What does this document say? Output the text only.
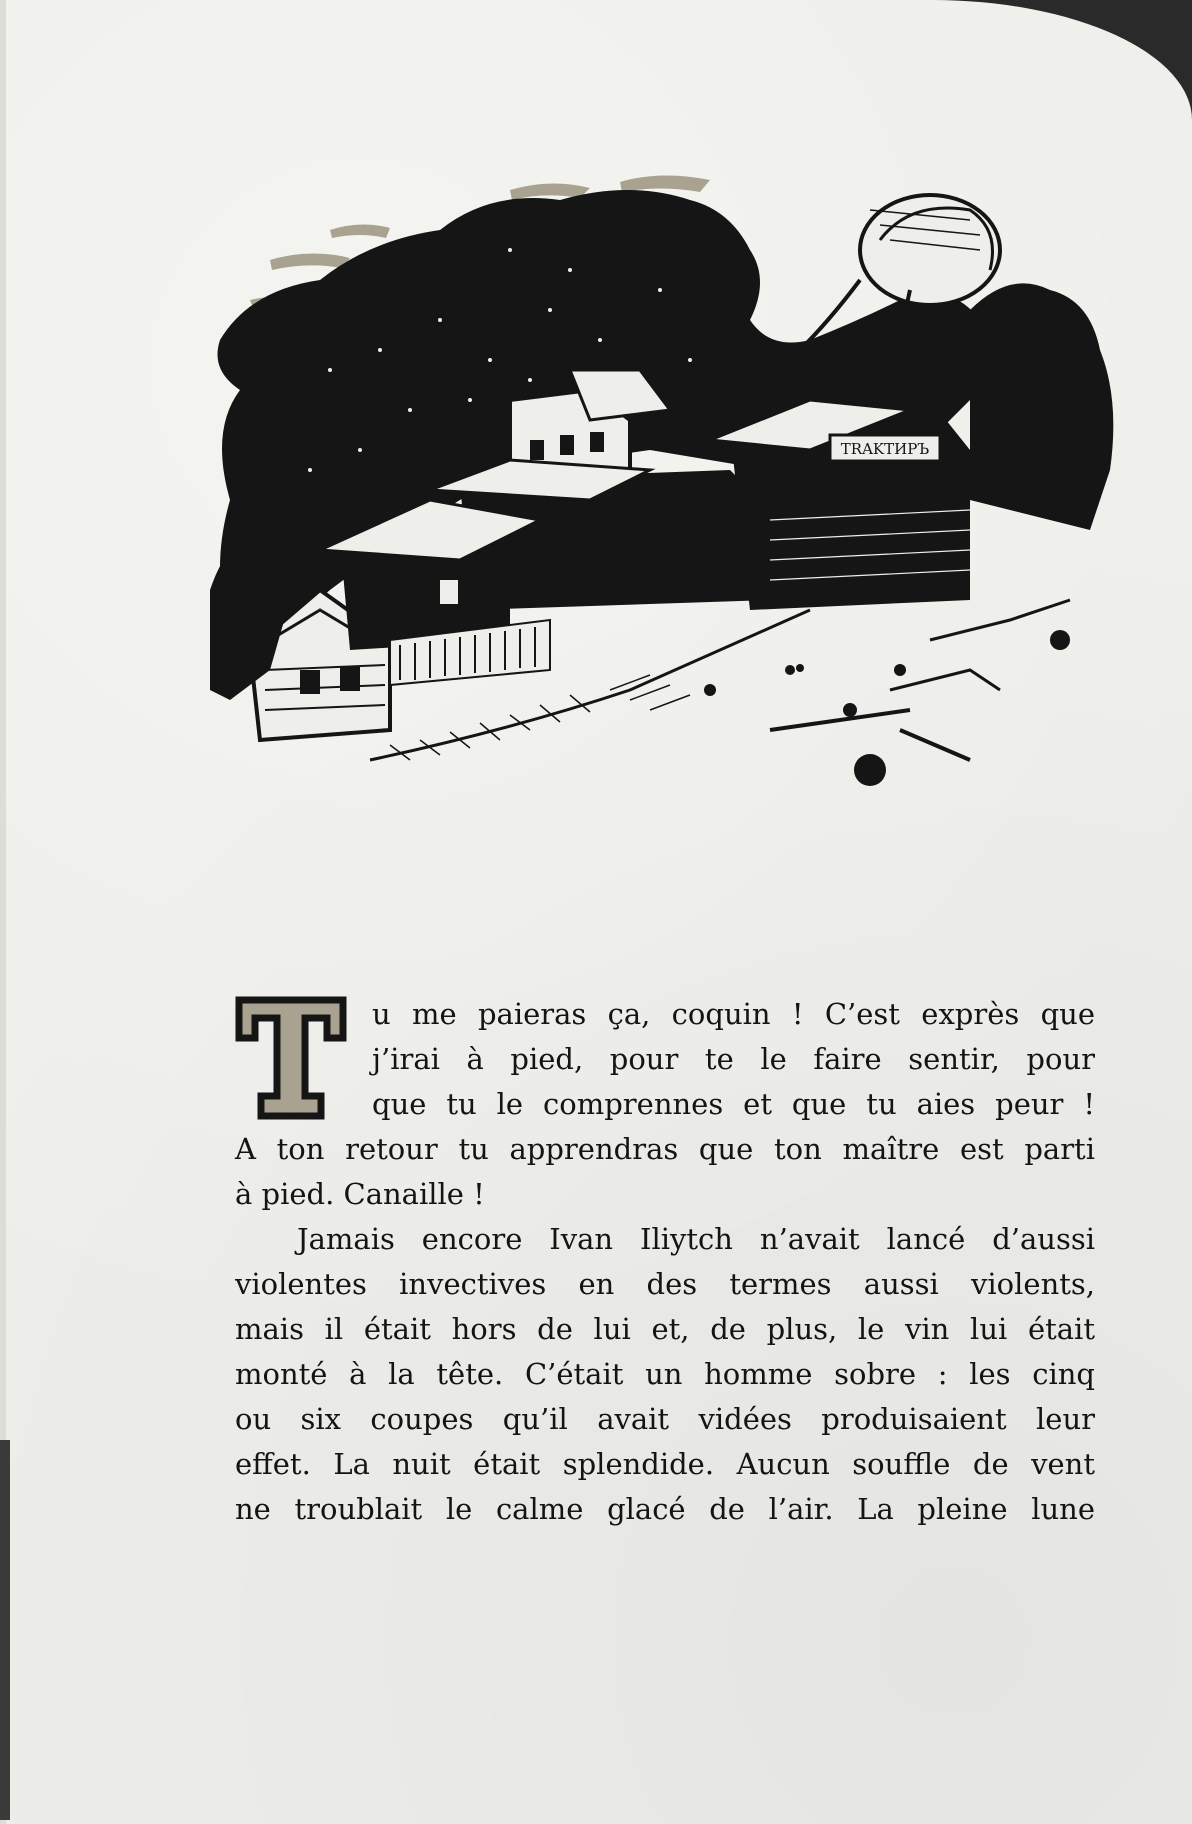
TRAKTИРЪ
T
u me paieras ça, coquin ! C’est exprès que
j’irai à pied, pour te le faire sentir, pour
que tu le comprennes et que tu aies peur !
A ton retour tu apprendras que ton maître est parti
à pied. Canaille !
Jamais encore Ivan Iliytch n’avait lancé d’aussi
violentes invectives en des termes aussi violents,
mais il était hors de lui et, de plus, le vin lui était
monté à la tête. C’était un homme sobre : les cinq
ou six coupes qu’il avait vidées produisaient leur
effet. La nuit était splendide. Aucun souffle de vent
ne troublait le calme glacé de l’air. La pleine lune
